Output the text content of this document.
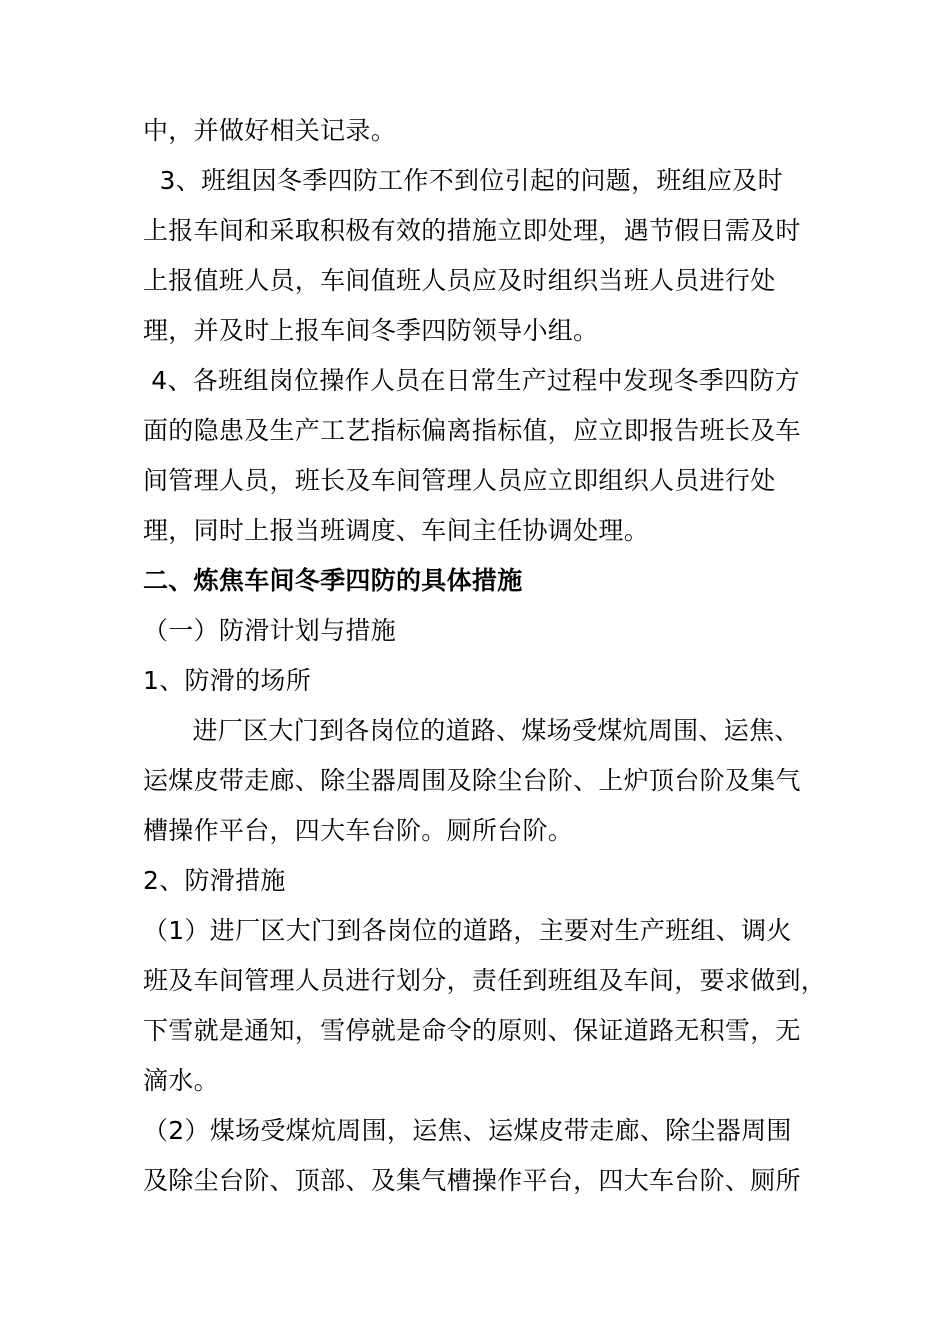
中，并做好相关记录。
3、班组因冬季四防工作不到位引起的问题，班组应及时
上报车间和采取积极有效的措施立即处理，遇节假日需及时
上报值班人员，车间值班人员应及时组织当班人员进行处
理，并及时上报车间冬季四防领导小组。
4、各班组岗位操作人员在日常生产过程中发现冬季四防方
面的隐患及生产工艺指标偏离指标值，应立即报告班长及车
间管理人员，班长及车间管理人员应立即组织人员进行处
理，同时上报当班调度、车间主任协调处理。
二、炼焦车间冬季四防的具体措施
（一）防滑计划与措施
1、防滑的场所
进厂区大门到各岗位的道路、煤场受煤炕周围、运焦、
运煤皮带走廊、除尘器周围及除尘台阶、上炉顶台阶及集气
槽操作平台，四大车台阶。厕所台阶。
2、防滑措施
（1）进厂区大门到各岗位的道路，主要对生产班组、调火
班及车间管理人员进行划分，责任到班组及车间，要求做到，
下雪就是通知，雪停就是命令的原则、保证道路无积雪，无
滴水。
（2）煤场受煤炕周围，运焦、运煤皮带走廊、除尘器周围
及除尘台阶、顶部、及集气槽操作平台，四大车台阶、厕所
